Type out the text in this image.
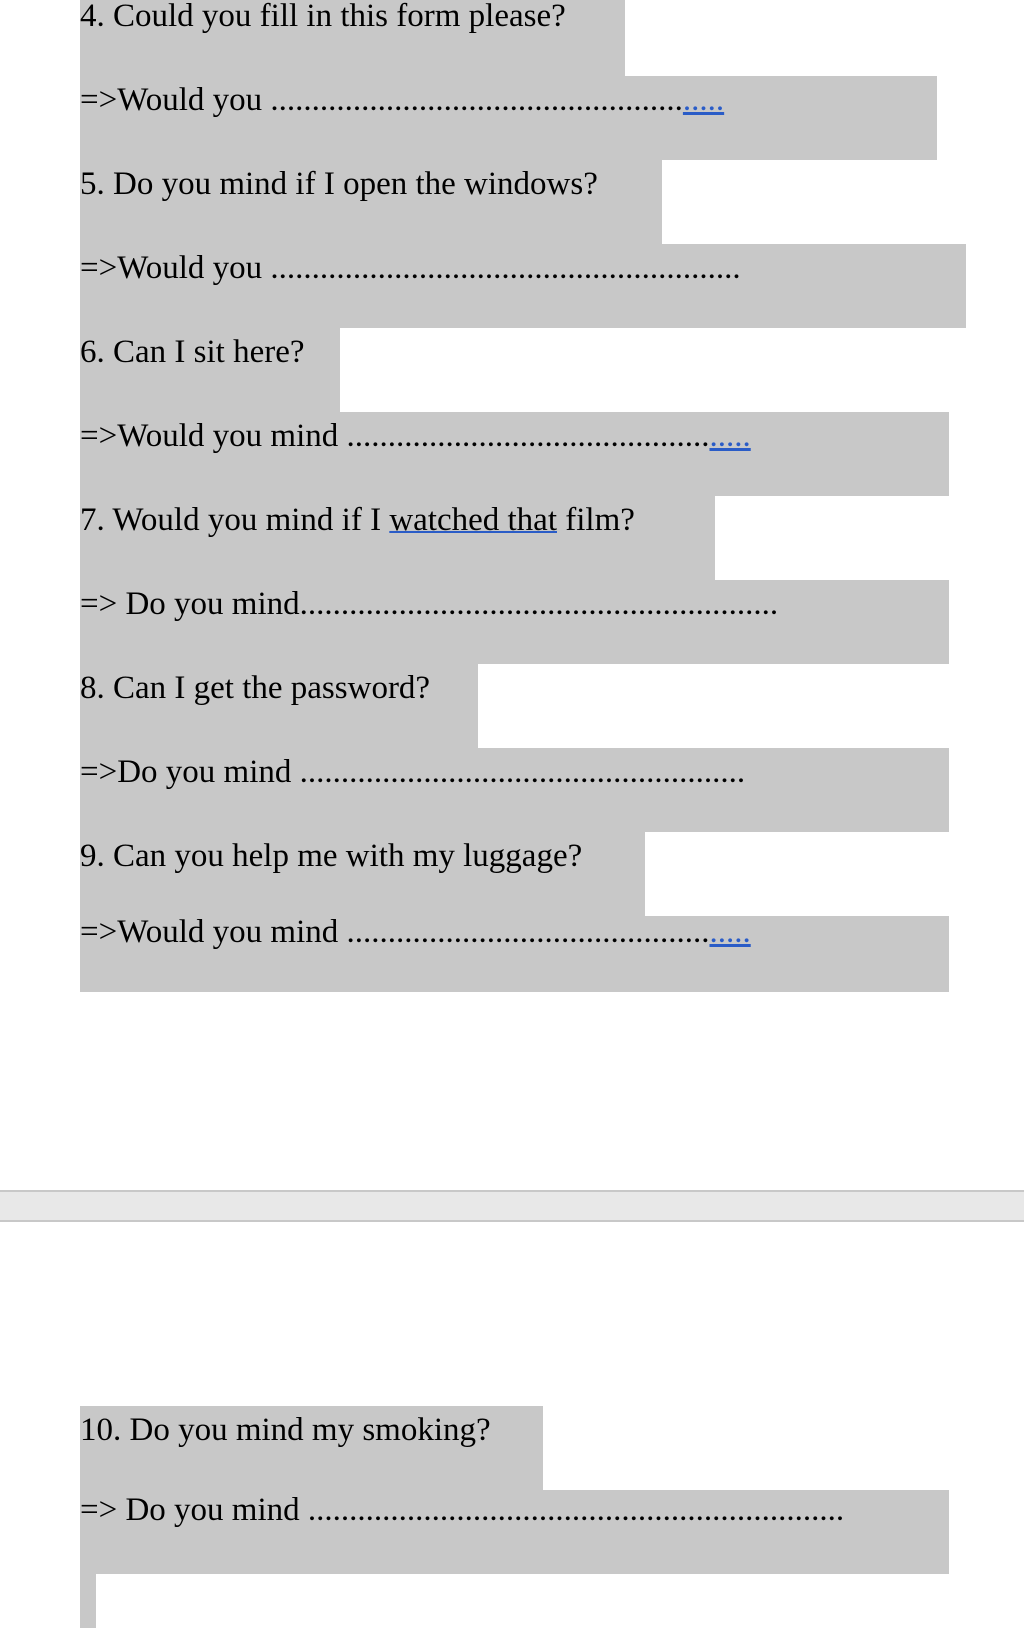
4. Could you fill in this form please?
=>Would you .......................................................
5. Do you mind if I open the windows?
=>Would you .........................................................
6. Can I sit here?
=>Would you mind .................................................
7. Would you mind if I watched that film?
=> Do you mind..........................................................
8. Can I get the password?
=>Do you mind ......................................................
9. Can you help me with my luggage?
=>Would you mind .................................................
10. Do you mind my smoking?
=> Do you mind .................................................................
